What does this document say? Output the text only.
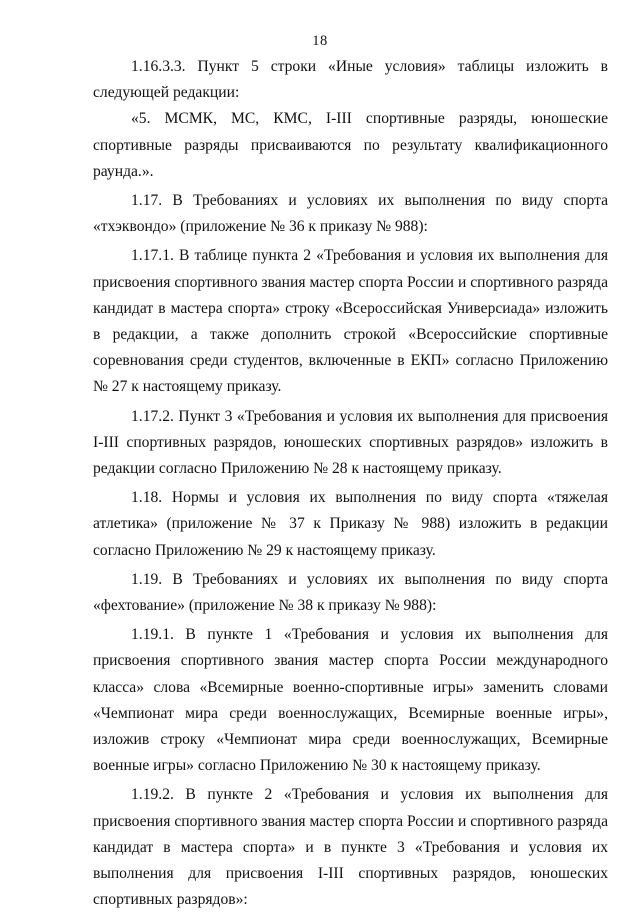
18

1.16.3.3. Пункт 5 строки «Иные условия» таблицы изложить в следующей редакции:

«5. МСМК, МС, КМС, I-III спортивные разряды, юношеские спортивные разряды присваиваются по результату квалификационного раунда.».

1.17. В Требованиях и условиях их выполнения по виду спорта «тхэквондо» (приложение № 36 к приказу № 988):

1.17.1. В таблице пункта 2 «Требования и условия их выполнения для присвоения спортивного звания мастер спорта России и спортивного разряда кандидат в мастера спорта» строку «Всероссийская Универсиада» изложить в редакции, а также дополнить строкой «Всероссийские спортивные соревнования среди студентов, включенные в ЕКП» согласно Приложению № 27 к настоящему приказу.

1.17.2. Пункт 3 «Требования и условия их выполнения для присвоения I-III спортивных разрядов, юношеских спортивных разрядов» изложить в редакции согласно Приложению № 28 к настоящему приказу.

1.18. Нормы и условия их выполнения по виду спорта «тяжелая атлетика» (приложение № 37 к Приказу № 988) изложить в редакции согласно Приложению № 29 к настоящему приказу.

1.19. В Требованиях и условиях их выполнения по виду спорта «фехтование» (приложение № 38 к приказу № 988):

1.19.1. В пункте 1 «Требования и условия их выполнения для присвоения спортивного звания мастер спорта России международного класса» слова «Всемирные военно-спортивные игры» заменить словами «Чемпионат мира среди военнослужащих, Всемирные военные игры», изложив строку «Чемпионат мира среди военнослужащих, Всемирные военные игры» согласно Приложению № 30 к настоящему приказу.

1.19.2. В пункте 2 «Требования и условия их выполнения для присвоения спортивного звания мастер спорта России и спортивного разряда кандидат в мастера спорта» и в пункте 3 «Требования и условия их выполнения для присвоения I-III спортивных разрядов, юношеских спортивных разрядов»:
